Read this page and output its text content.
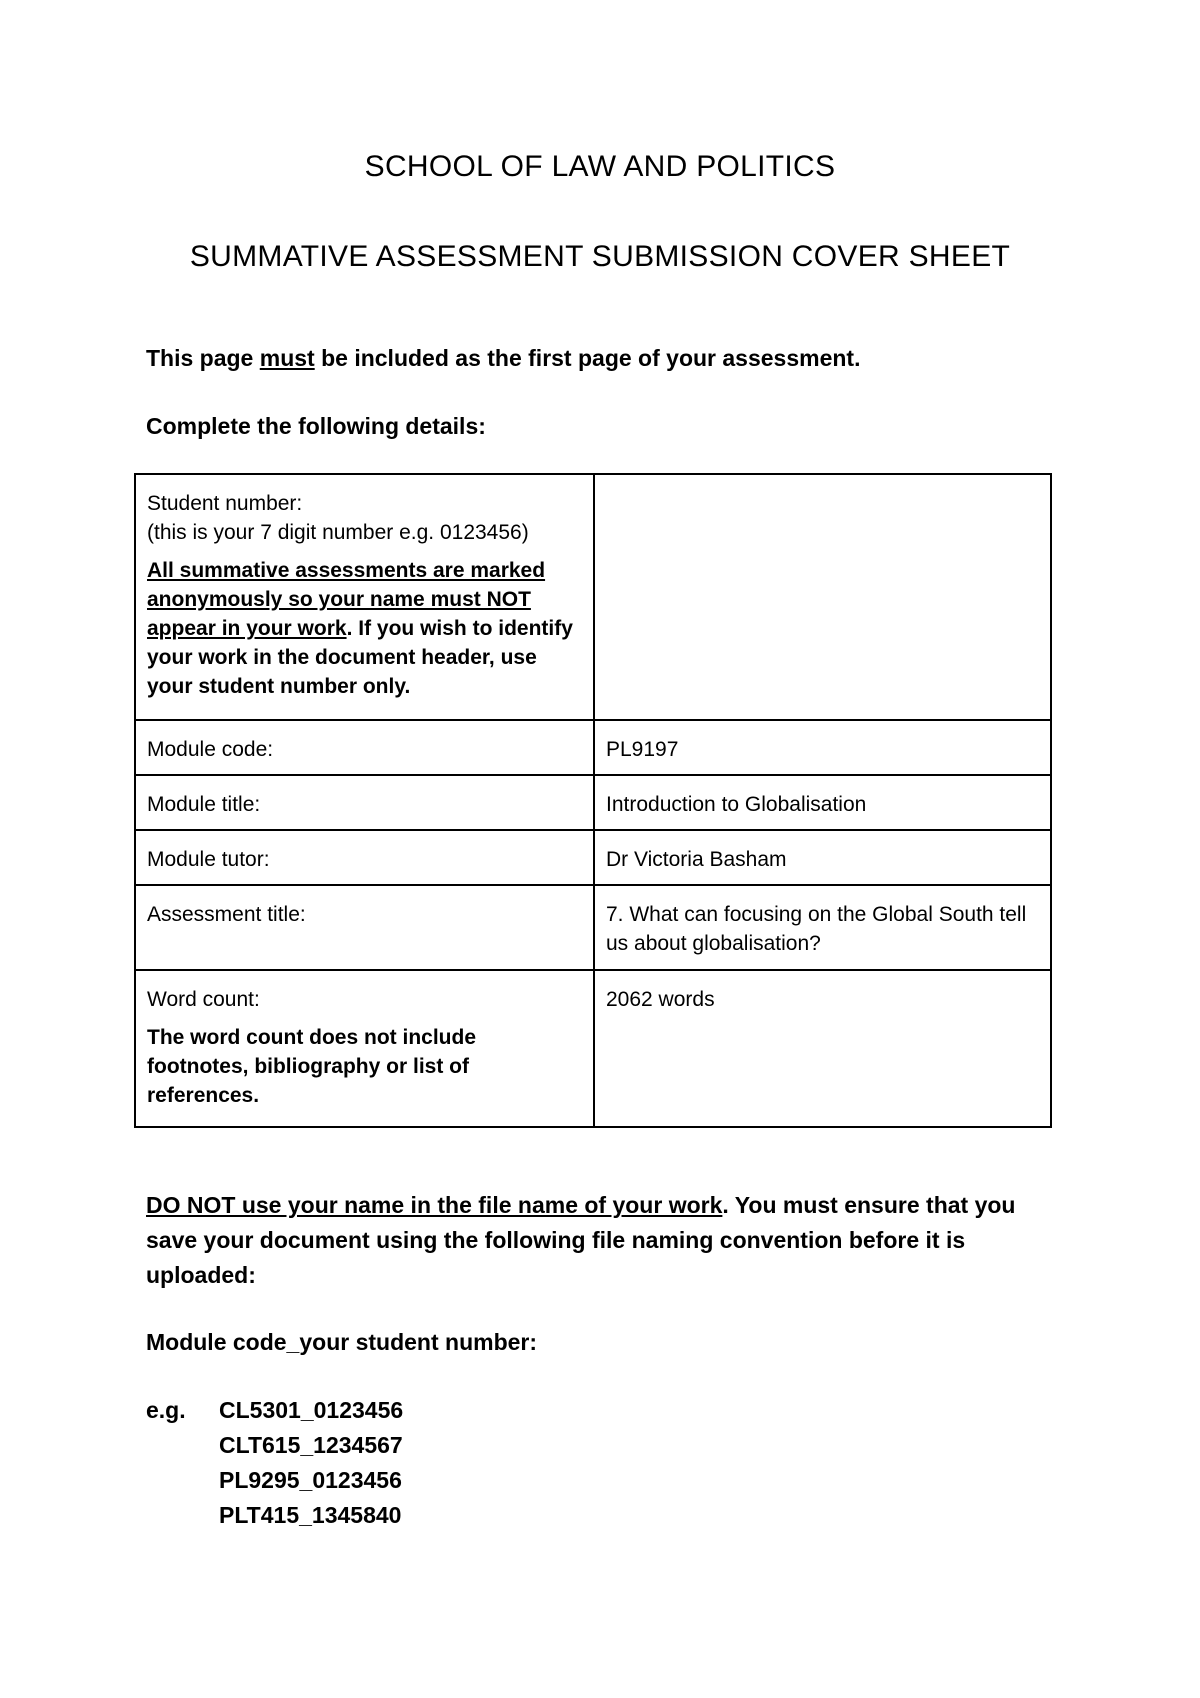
SCHOOL OF LAW AND POLITICS
SUMMATIVE ASSESSMENT SUBMISSION COVER SHEET
This page must be included as the first page of your assessment.
Complete the following details:
Student number:
(this is your 7 digit number e.g. 0123456)
All summative assessments are marked anonymously so your name must NOT appear in your work. If you wish to identify your work in the document header, use your student number only.	

Module code:	PL9197
Module title:	Introduction to Globalisation
Module tutor:	Dr Victoria Basham
Assessment title:	7. What can focusing on the Global South tell us about globalisation?

Word count:
The word count does not include footnotes, bibliography or list of references.	2062 words
DO NOT use your name in the file name of your work. You must ensure that you save your document using the following file naming convention before it is uploaded:
Module code_your student number:
e.g. CL5301_0123456
CLT615_1234567
PL9295_0123456
PLT415_1345840
